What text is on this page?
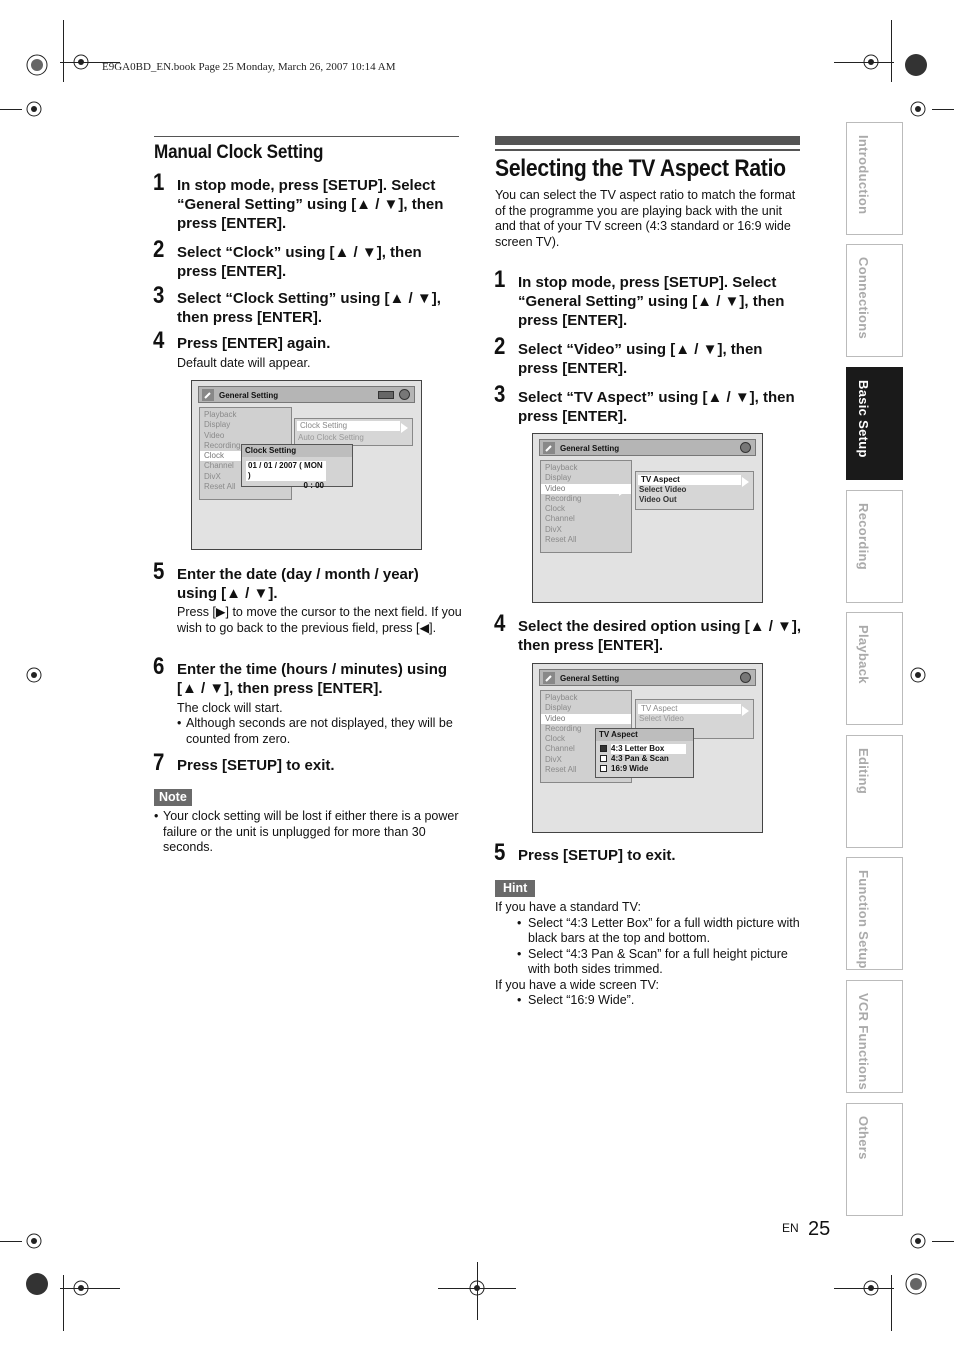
E9GA0BD_EN.book Page 25 Monday, March 26, 2007 10:14 AM
Manual Clock Setting
1 In stop mode, press [SETUP]. Select “General Setting” using [▲ / ▼], then press [ENTER].
2 Select “Clock” using [▲ / ▼], then press [ENTER].
3 Select “Clock Setting” using [▲ / ▼], then press [ENTER].
4 Press [ENTER] again.
Default date will appear.
General Setting
Playback
Display
Video
Recording
Clock
Channel
DivX
Reset All
Clock Setting
Auto Clock Setting
Clock Setting
01 / 01 / 2007 ( MON )
0 : 00
5 Enter the date (day / month / year) using [▲ / ▼].
Press [▶] to move the cursor to the next field. If you wish to go back to the previous field, press [◀].
6 Enter the time (hours / minutes) using [▲ / ▼], then press [ENTER].
The clock will start.
• Although seconds are not displayed, they will be counted from zero.
7 Press [SETUP] to exit.
Note
• Your clock setting will be lost if either there is a power failure or the unit is unplugged for more than 30 seconds.
Selecting the TV Aspect Ratio
You can select the TV aspect ratio to match the format of the programme you are playing back with the unit and that of your TV screen (4:3 standard or 16:9 wide screen TV).
1 In stop mode, press [SETUP]. Select “General Setting” using [▲ / ▼], then press [ENTER].
2 Select “Video” using [▲ / ▼], then press [ENTER].
3 Select “TV Aspect” using [▲ / ▼], then press [ENTER].
General Setting
Playback
Display
Video
Recording
Clock
Channel
DivX
Reset All
TV Aspect
Select Video
Video Out
4 Select the desired option using [▲ / ▼], then press [ENTER].
General Setting
Playback
Display
Video
Recording
Clock
Channel
DivX
Reset All
TV Aspect
Select Video
TV Aspect
4:3 Letter Box
4:3 Pan & Scan
16:9 Wide
5 Press [SETUP] to exit.
Hint
If you have a standard TV:
• Select “4:3 Letter Box” for a full width picture with black bars at the top and bottom.
• Select “4:3 Pan & Scan” for a full height picture with both sides trimmed.
If you have a wide screen TV:
• Select “16:9 Wide”.
Introduction
Connections
Basic Setup
Recording
Playback
Editing
Function Setup
VCR Functions
Others
EN 25
